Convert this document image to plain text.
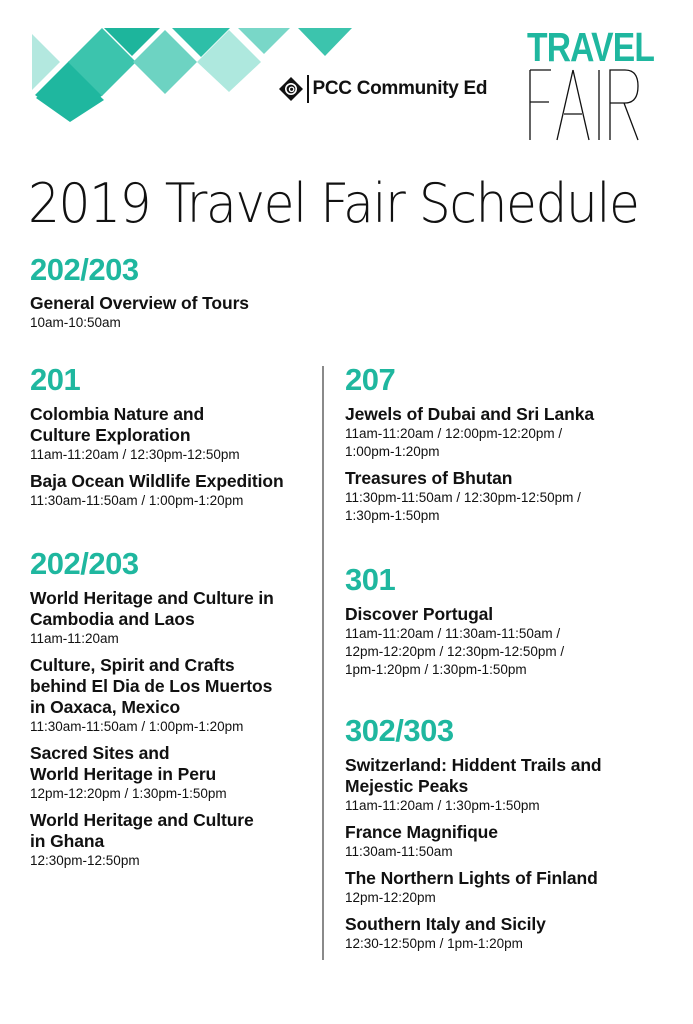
PCC Community Ed
TRAVEL
2019 Travel Fair Schedule
202/203
General Overview of Tours
10am-10:50am
201
Colombia Nature and
Culture Exploration
11am-11:20am / 12:30pm-12:50pm
Baja Ocean Wildlife Expedition
11:30am-11:50am / 1:00pm-1:20pm
202/203
World Heritage and Culture in
Cambodia and Laos
11am-11:20am
Culture, Spirit and Crafts
behind El Dia de Los Muertos
in Oaxaca, Mexico
11:30am-11:50am / 1:00pm-1:20pm
Sacred Sites and
World Heritage in Peru
12pm-12:20pm / 1:30pm-1:50pm
World Heritage and Culture
in Ghana
12:30pm-12:50pm
207
Jewels of Dubai and Sri Lanka
11am-11:20am / 12:00pm-12:20pm /
1:00pm-1:20pm
Treasures of Bhutan
11:30pm-11:50am / 12:30pm-12:50pm /
1:30pm-1:50pm
301
Discover Portugal
11am-11:20am / 11:30am-11:50am /
12pm-12:20pm / 12:30pm-12:50pm /
1pm-1:20pm / 1:30pm-1:50pm
302/303
Switzerland: Hiddent Trails and
Mejestic Peaks
11am-11:20am / 1:30pm-1:50pm
France Magnifique
11:30am-11:50am
The Northern Lights of Finland
12pm-12:20pm
Southern Italy and Sicily
12:30-12:50pm / 1pm-1:20pm
